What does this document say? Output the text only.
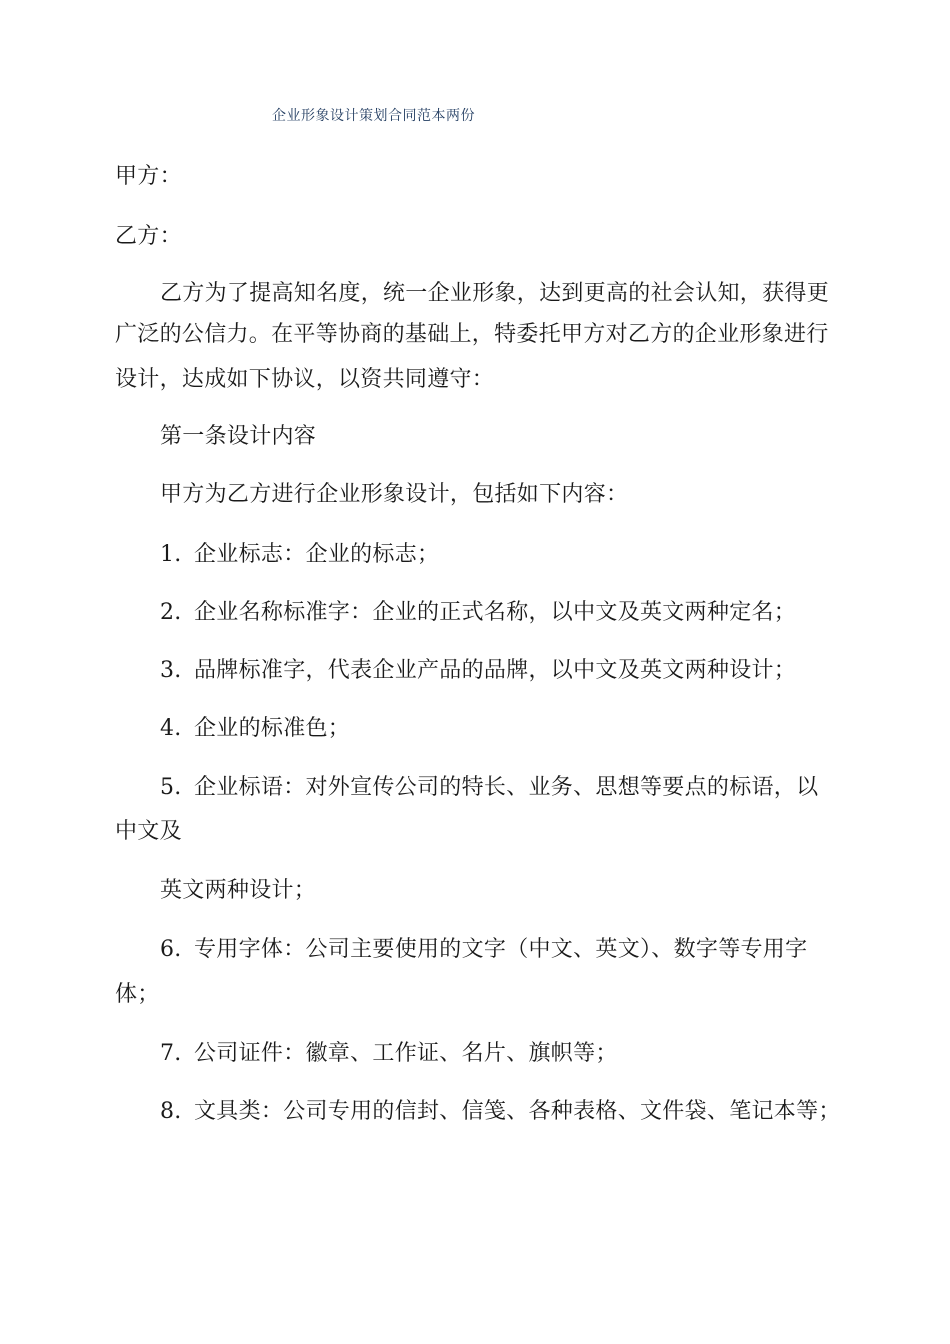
企业形象设计策划合同范本两份
甲方：
乙方：
乙方为了提高知名度，统一企业形象，达到更高的社会认知，获得更
广泛的公信力。在平等协商的基础上，特委托甲方对乙方的企业形象进行
设计，达成如下协议，以资共同遵守：
第一条设计内容
甲方为乙方进行企业形象设计，包括如下内容：
1. 企业标志：企业的标志；
2. 企业名称标准字：企业的正式名称，以中文及英文两种定名；
3. 品牌标准字，代表企业产品的品牌，以中文及英文两种设计；
4. 企业的标准色；
5. 企业标语：对外宣传公司的特长、业务、思想等要点的标语，以
中文及
英文两种设计；
6. 专用字体：公司主要使用的文字（中文、英文）、数字等专用字
体；
7. 公司证件：徽章、工作证、名片、旗帜等；
8. 文具类：公司专用的信封、信笺、各种表格、文件袋、笔记本等；
